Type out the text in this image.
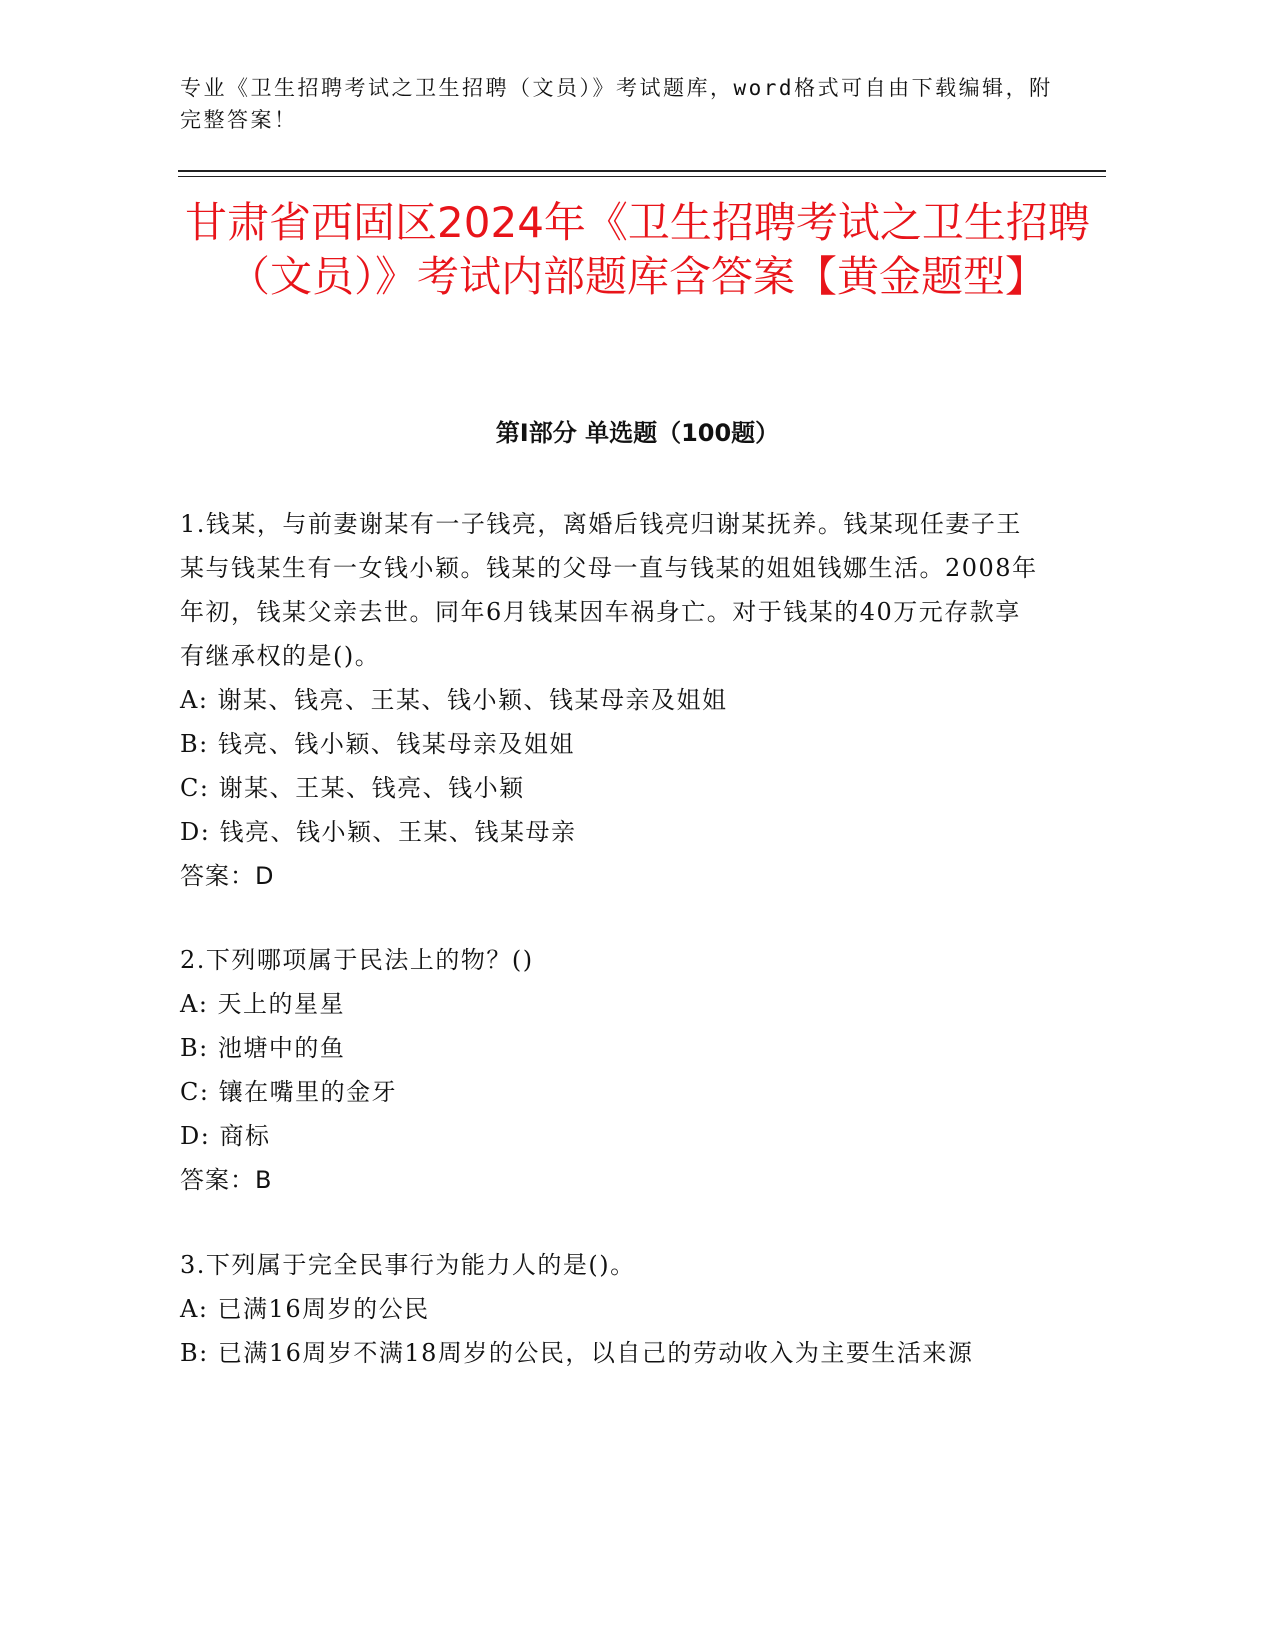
专业《卫生招聘考试之卫生招聘（文员）》考试题库，word格式可自由下载编辑，附完整答案！
甘肃省西固区2024年《卫生招聘考试之卫生招聘（文员）》考试内部题库含答案【黄金题型】
第Ⅰ部分 单选题（100题）

1.钱某，与前妻谢某有一子钱亮，离婚后钱亮归谢某抚养。钱某现任妻子王某与钱某生有一女钱小颖。钱某的父母一直与钱某的姐姐钱娜生活。2008年年初，钱某父亲去世。同年6月钱某因车祸身亡。对于钱某的40万元存款享有继承权的是()。

A: 谢某、钱亮、王某、钱小颖、钱某母亲及姐姐

B: 钱亮、钱小颖、钱某母亲及姐姐

C: 谢某、王某、钱亮、钱小颖

D: 钱亮、钱小颖、王某、钱某母亲

答案：D

2.下列哪项属于民法上的物？()

A: 天上的星星

B: 池塘中的鱼

C: 镶在嘴里的金牙

D: 商标

答案：B

3.下列属于完全民事行为能力人的是()。

A: 已满16周岁的公民

B: 已满16周岁不满18周岁的公民，以自己的劳动收入为主要生活来源
